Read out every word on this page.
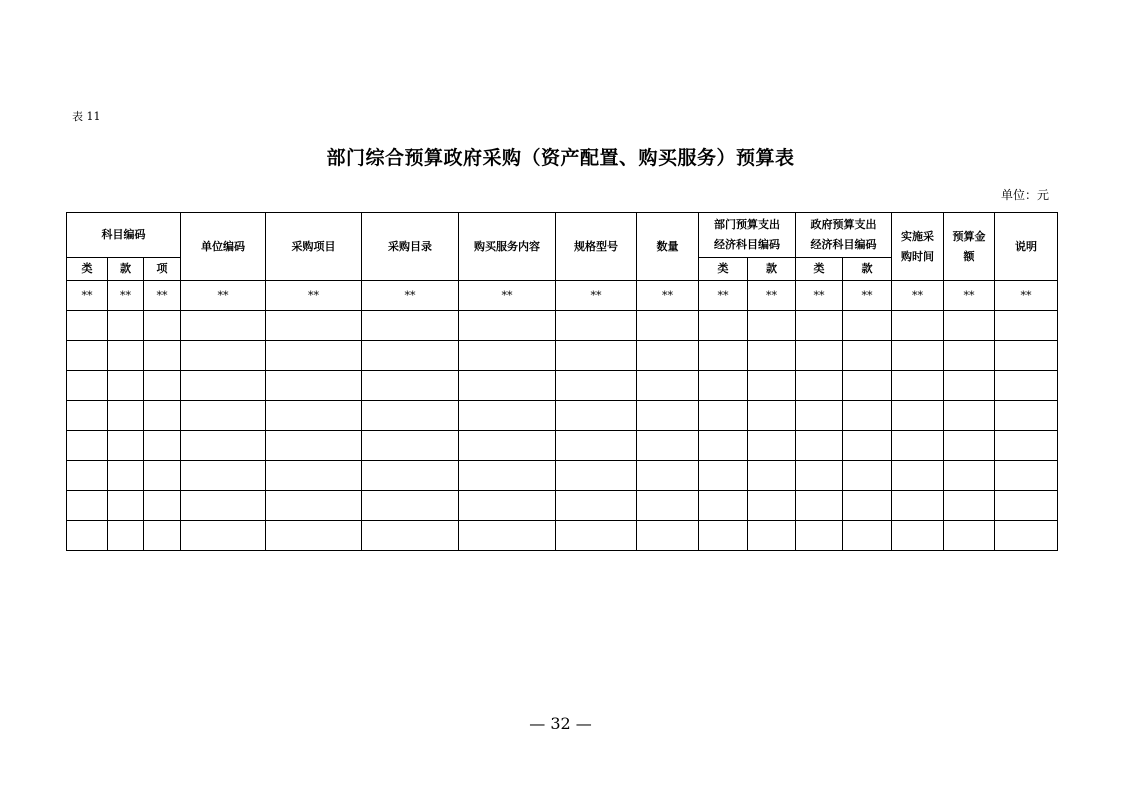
表 11
部门综合预算政府采购（资产配置、购买服务）预算表
单位：元
科目编码			单位编码	采购项目	采购目录	购买服务内容	规格型号	数量	部门预算支出经济科目编码		政府预算支出经济科目编码		实施采购时间	预算金额	说明
类	款	项							类	款	类	款			
**	**	**	**	**	**	**	**	**	**	**	**	**	**	**	**

— 32 —
